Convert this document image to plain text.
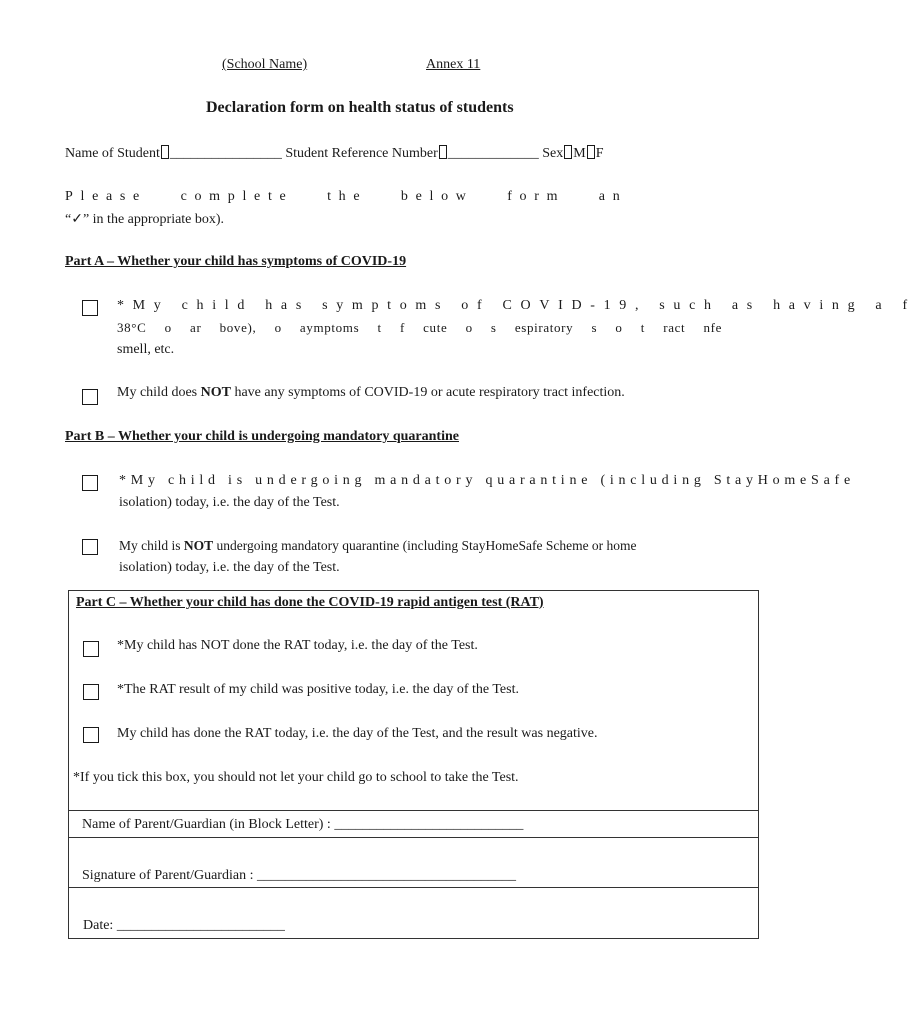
(School Name)	Annex 11
Declaration form on health status of students
Name of Student ________________ Student Reference Number _____________ Sex M F
Please complete the below form an
“✓” in the appropriate box).
Part A – Whether your child has symptoms of COVID-19
*My child has symptoms of COVID-19, such as having a f
38°C o ar bove), o aymptoms t f cute o s espiratory s o t ract nfe
smell, etc.
My child does NOT have any symptoms of COVID-19 or acute respiratory tract infection.
Part B – Whether your child is undergoing mandatory quarantine
*My child is undergoing mandatory quarantine (including StayHomeSafe
isolation) today, i.e. the day of the Test.
My child is NOT undergoing mandatory quarantine (including StayHomeSafe Scheme or home
isolation) today, i.e. the day of the Test.
Part C – Whether your child has done the COVID-19 rapid antigen test (RAT)
*My child has NOT done the RAT today, i.e. the day of the Test.
*The RAT result of my child was positive today, i.e. the day of the Test.
My child has done the RAT today, i.e. the day of the Test, and the result was negative.
*If you tick this box, you should not let your child go to school to take the Test.
Name of Parent/Guardian (in Block Letter) : ___________________________
Signature of Parent/Guardian : _____________________________________
Date: ________________________
